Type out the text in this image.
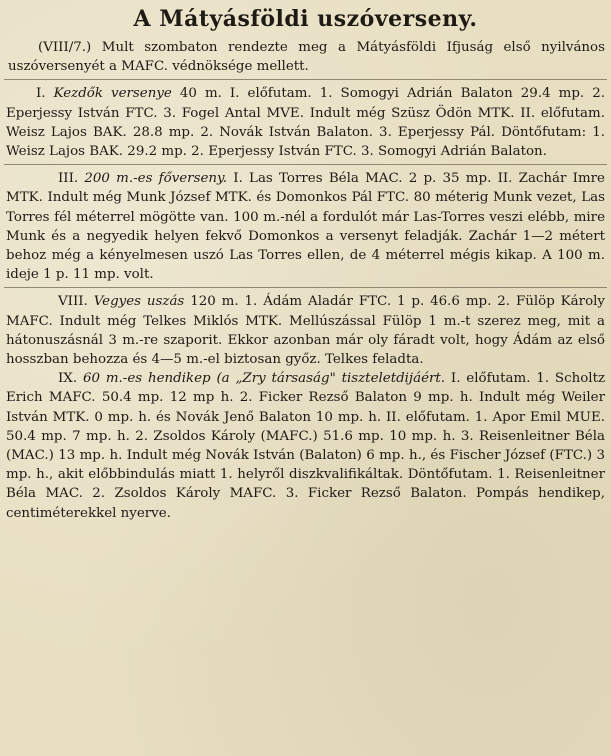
A Mátyásföldi uszóverseny.

(VIII/7.) Mult szombaton rendezte meg a Mátyásföldi Ifjuság első nyilvános uszóversenyét a MAFC. védnöksége mellett.

I. Kezdők versenye 40 m. I. előfutam. 1. Somogyi Adrián Balaton 29.4 mp. 2. Eperjessy István FTC. 3. Fogel Antal MVE. Indult még Szüsz Ödön MTK. II. előfutam. Weisz Lajos BAK. 28.8 mp. 2. Novák István Balaton. 3. Eperjessy Pál. Döntőfutam: 1. Weisz Lajos BAK. 29.2 mp. 2. Eperjessy István FTC. 3. Somogyi Adrián Balaton.

III. 200 m.-es főverseny. I. Las Torres Béla MAC. 2 p. 35 mp. II. Zachár Imre MTK. Indult még Munk József MTK. és Domonkos Pál FTC. 80 méterig Munk vezet, Las Torres fél méterrel mögötte van. 100 m.-nél a fordulót már Las-Torres veszi elébb, mire Munk és a negyedik helyen fekvő Domonkos a versenyt feladják. Zachár 1—2 métert behoz még a kényelmesen uszó Las Torres ellen, de 4 méterrel mégis kikap. A 100 m. ideje 1 p. 11 mp. volt.

VIII. Vegyes uszás 120 m. 1. Ádám Aladár FTC. 1 p. 46.6 mp. 2. Fülöp Károly MAFC. Indult még Telkes Miklós MTK. Mellúszással Fülöp 1 m.-t szerez meg, mit a hátonuszásnál 3 m.-re szaporit. Ekkor azonban már oly fáradt volt, hogy Ádám az első hosszban behozza és 4—5 m.-el biztosan győz. Telkes feladta.

IX. 60 m.-es hendikep (a „Zry társaság" tiszteletdijáért. I. előfutam. 1. Scholtz Erich MAFC. 50.4 mp. 12 mp h. 2. Ficker Rezső Balaton 9 mp. h. Indult még Weiler István MTK. 0 mp. h. és Novák Jenő Balaton 10 mp. h. II. előfutam. 1. Apor Emil MUE. 50.4 mp. 7 mp. h. 2. Zsoldos Károly (MAFC.) 51.6 mp. 10 mp. h. 3. Reisenleitner Béla (MAC.) 13 mp. h. Indult még Novák István (Balaton) 6 mp. h., és Fischer József (FTC.) 3 mp. h., akit előbbindulás miatt 1. helyről diszkvalifikáltak. Döntőfutam. 1. Reisenleitner Béla MAC. 2. Zsoldos Károly MAFC. 3. Ficker Rezső Balaton. Pompás hendikep, centiméterekkel nyerve.
